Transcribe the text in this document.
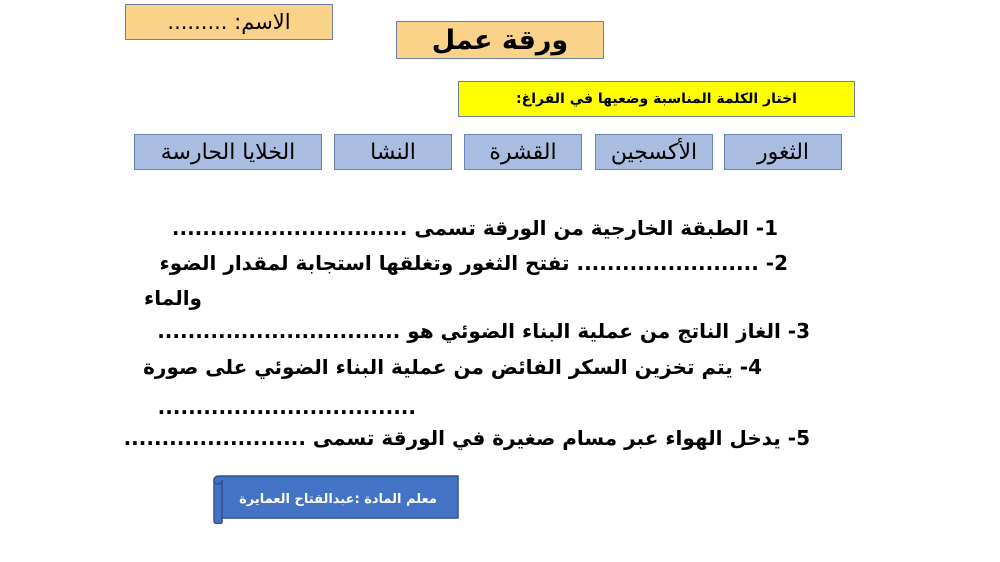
الاسم: .........
ورقة عمل
اختار الكلمة المناسبة وضعيها في الفراغ:
الثغور
الأكسجين
القشرة
النشا
الخلايا الحارسة
1- الطبقة الخارجية من الورقة تسمى ...............................
2- ........................ تفتح الثغور وتغلقها استجابة لمقدار الضوء
والماء
3- الغاز الناتج من عملية البناء الضوئي هو ................................
4- يتم تخزين السكر الفائض من عملية البناء الضوئي على صورة
..................................
5- يدخل الهواء عبر مسام صغيرة في الورقة تسمى ........................
معلم المادة :عبدالفتاح العمايرة
